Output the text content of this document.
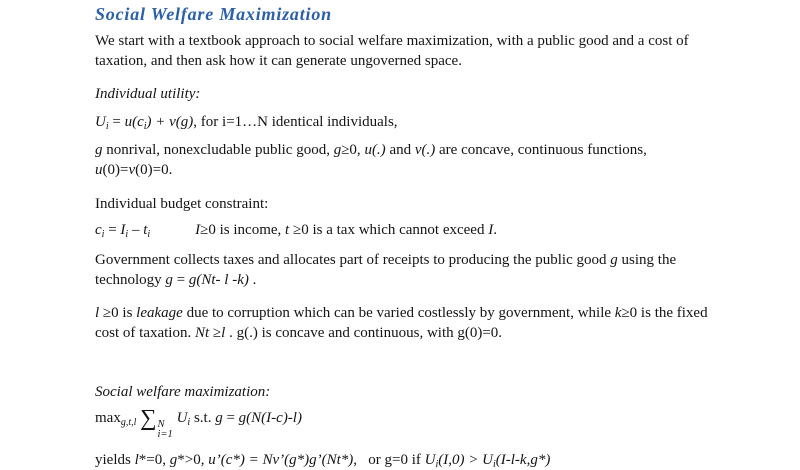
Social Welfare Maximization

We start with a textbook approach to social welfare maximization, with a public good and a cost of taxation, and then ask how it can generate ungoverned space.

Individual utility:

$U_i = u(c_i) + v(g)$, for i=1…N identical individuals,

g nonrival, nonexcludable public good, g≥0, u(.) and v(.) are concave, continuous functions, u(0)=v(0)=0.

Individual budget constraint:

$c_i = I_i - t_i$   	I≥0 is income, t ≥0 is a tax which cannot exceed I.

Government collects taxes and allocates part of receipts to producing the public good g using the technology g = g(Nt- l -k) .

l ≥0 is leakage due to corruption which can be varied costlessly by government, while k≥0 is the fixed cost of taxation. Nt ≥l . g(.) is concave and continuous, with g(0)=0.

Social welfare maximization:

$\max_{g,t,l}$ ∑ N
i=1
$U_i$ s.t. g = g(N(I-c)-l)

yields l*=0, g*>0, u’(c*) = Nv’(g*)g’(Nt*),  or g=0 if $U_i(I,0) > U_i(I-l-k,g*)$
